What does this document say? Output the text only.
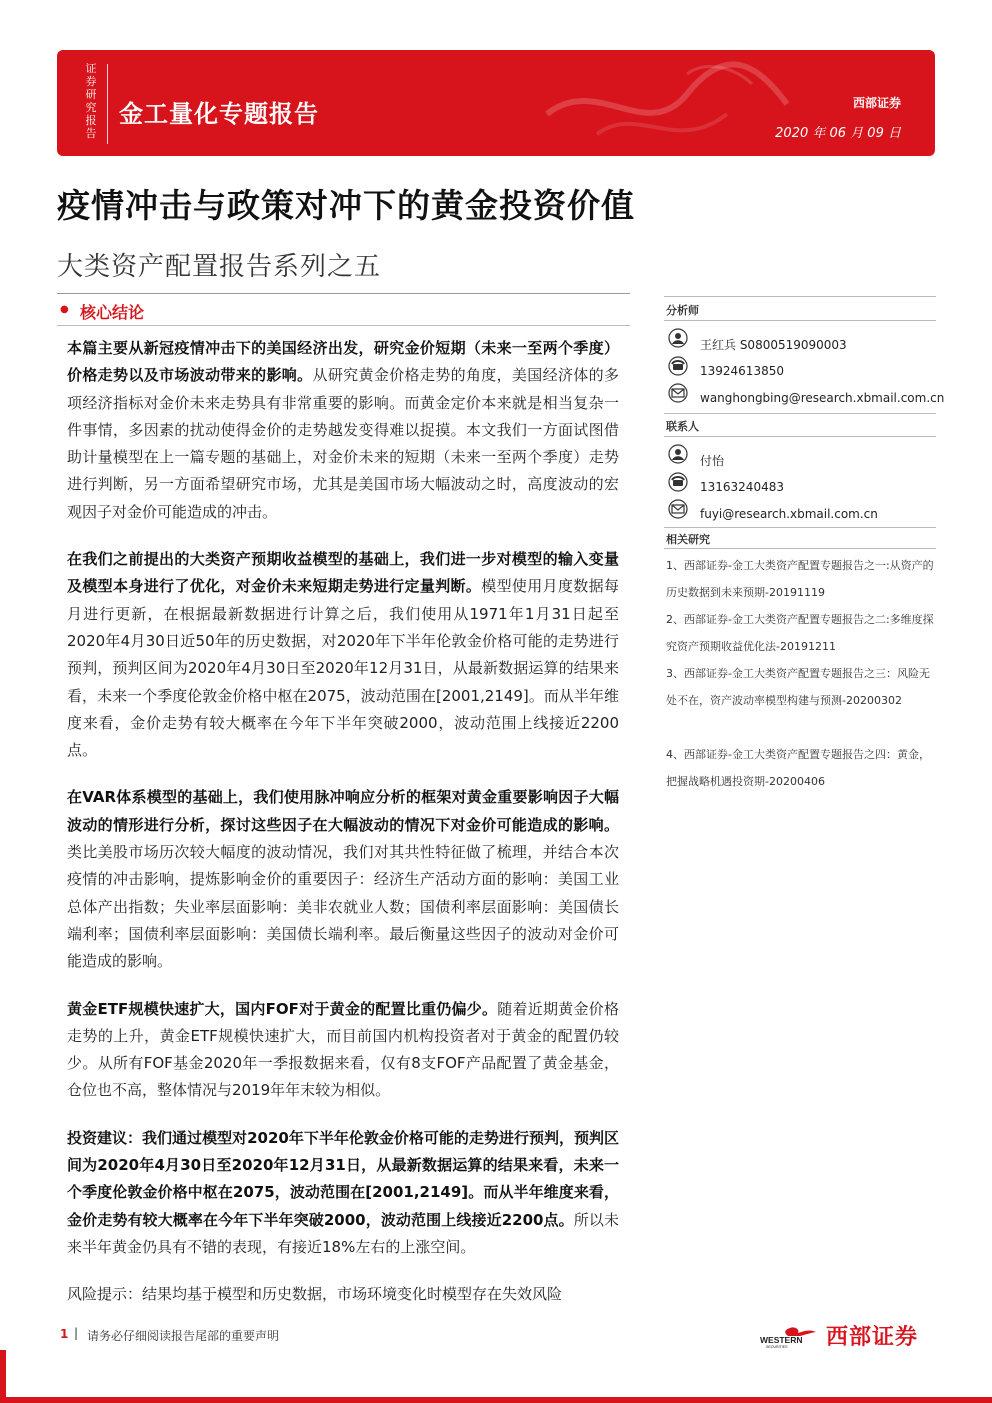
证券研究报告
金工量化专题报告	西部证券
2020 年 06 月 09 日
疫情冲击与政策对冲下的黄金投资价值
大类资产配置报告系列之五
● 核心结论

本篇主要从新冠疫情冲击下的美国经济出发，研究金价短期（未来一至两个季度）价格走势以及市场波动带来的影响。从研究黄金价格走势的角度，美国经济体的多项经济指标对金价未来走势具有非常重要的影响。而黄金定价本来就是相当复杂一件事情，多因素的扰动使得金价的走势越发变得难以捉摸。本文我们一方面试图借助计量模型在上一篇专题的基础上，对金价未来的短期（未来一至两个季度）走势进行判断，另一方面希望研究市场，尤其是美国市场大幅波动之时，高度波动的宏观因子对金价可能造成的冲击。

在我们之前提出的大类资产预期收益模型的基础上，我们进一步对模型的输入变量及模型本身进行了优化，对金价未来短期走势进行定量判断。模型使用月度数据每月进行更新，在根据最新数据进行计算之后，我们使用从1971年1月31日起至2020年4月30日近50年的历史数据，对2020年下半年伦敦金价格可能的走势进行预判，预判区间为2020年4月30日至2020年12月31日，从最新数据运算的结果来看，未来一个季度伦敦金价格中枢在2075，波动范围在[2001,2149]。而从半年维度来看，金价走势有较大概率在今年下半年突破2000，波动范围上线接近2200点。

在VAR体系模型的基础上，我们使用脉冲响应分析的框架对黄金重要影响因子大幅波动的情形进行分析，探讨这些因子在大幅波动的情况下对金价可能造成的影响。类比美股市场历次较大幅度的波动情况，我们对其共性特征做了梳理，并结合本次疫情的冲击影响，提炼影响金价的重要因子：经济生产活动方面的影响：美国工业总体产出指数；失业率层面影响：美非农就业人数；国债利率层面影响：美国债长端利率；国债利率层面影响：美国债长端利率。最后衡量这些因子的波动对金价可能造成的影响。

黄金ETF规模快速扩大，国内FOF对于黄金的配置比重仍偏少。随着近期黄金价格走势的上升，黄金ETF规模快速扩大，而目前国内机构投资者对于黄金的配置仍较少。从所有FOF基金2020年一季报数据来看，仅有8支FOF产品配置了黄金基金，仓位也不高，整体情况与2019年年末较为相似。

投资建议：我们通过模型对2020年下半年伦敦金价格可能的走势进行预判，预判区间为2020年4月30日至2020年12月31日，从最新数据运算的结果来看，未来一个季度伦敦金价格中枢在2075，波动范围在[2001,2149]。而从半年维度来看，金价走势有较大概率在今年下半年突破2000，波动范围上线接近2200点。所以未来半年黄金仍具有不错的表现，有接近18%左右的上涨空间。

风险提示：结果均基于模型和历史数据，市场环境变化时模型存在失效风险

分析师
王红兵 S0800519090003
13924613850
wanghongbing@research.xbmail.com.cn
联系人
付怡
13163240483
fuyi@research.xbmail.com.cn
相关研究
1、西部证券-金工大类资产配置专题报告之一:从资产的历史数据到未来预期-20191119
2、西部证券-金工大类资产配置专题报告之二:多维度探究资产预期收益优化法-20191211
3、西部证券-金工大类资产配置专题报告之三：风险无处不在，资产波动率模型构建与预测-20200302
4、西部证券-金工大类资产配置专题报告之四：黄金，把握战略机遇投资期-20200406
1 | 请务必仔细阅读报告尾部的重要声明	WESTERN
SECURITIES 西部证券
